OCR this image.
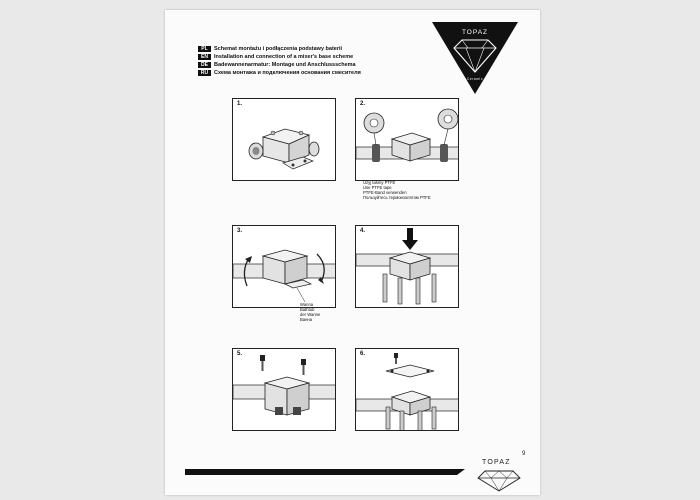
TOPAZ
Ceramic
PL	Schemat montażu i podłączenia podstawy baterii
EN	Installation and connection of a mixer's base scheme
DE	Badewannenarmatur: Montage und Anschlussschema
RU	Схема монтажа и подключения основания смесителя
1.	2.
Użyj taśmy PTFE
Use PTFE tape
PTFE-Band verwenden
Пользуйтесь термоизолятом PTFE
3.
Wanna
Bathtub
der Wanne
Ванна
4.
5.	6.
TOPAZ
9
